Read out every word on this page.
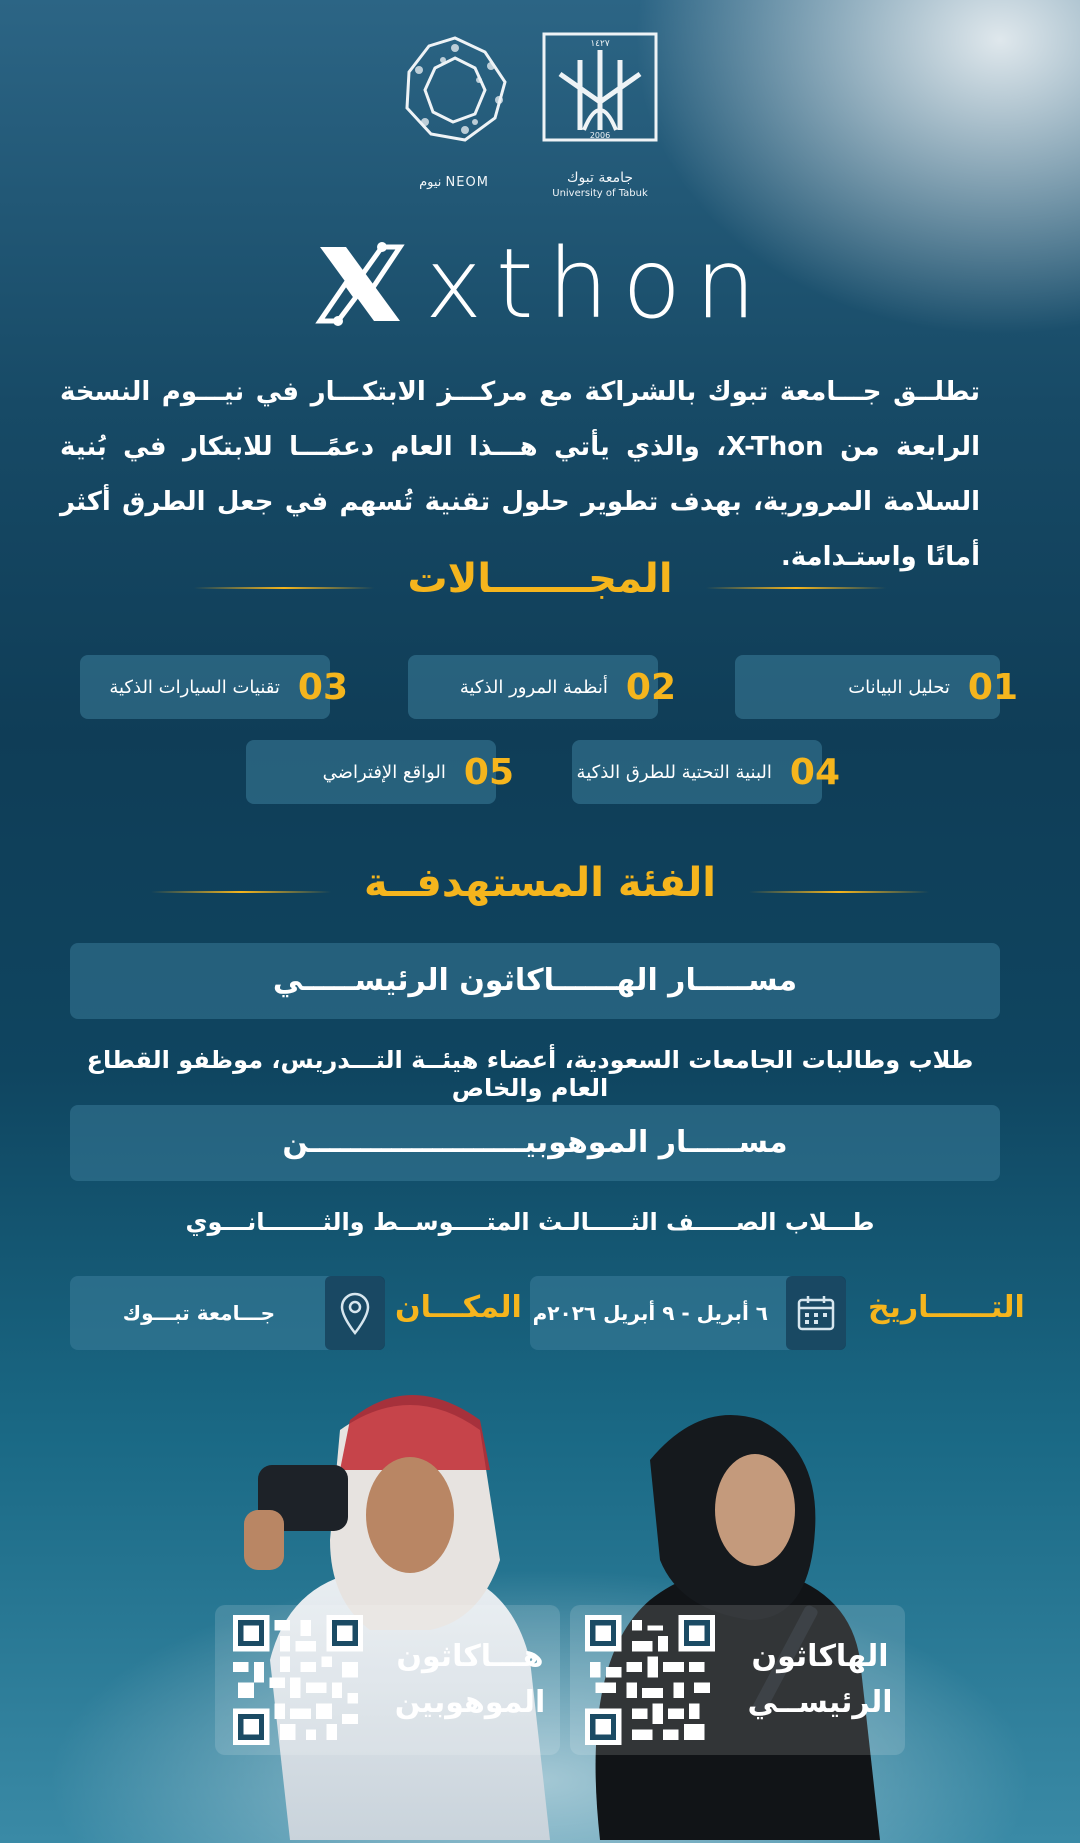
نيوم NEOM
١٤٢٧
2006
جامعة تبوك
University of Tabuk
xthon
تطلــق جـــامعة تبوك بالشراكة مع مركـــز الابتكـــار في نيـــوم النسخة الرابعة من X-Thon، والذي يأتي هـــذا العام دعمًـــا للابتكار في بُنية السلامة المرورية، بهدف تطوير حلول تقنية تُسهم في جعل الطرق أكثر أمانًا واستـدامة.
المجـــــــالات
01
تحليل البيانات
02
أنظمة المرور الذكية
03
تقنيات السيارات الذكية
04
البنية التحتية للطرق الذكية
05
الواقع الإفتراضي
الفئة المستهدفــة
مســـــار الهــــــاكاثون الرئيســـــي
طلاب وطالبات الجامعات السعودية، أعضاء هيئــة التـــدريس، موظفو القطاع العام والخاص
مســـــار الموهوبيـــــــــــــــــــــن
طـــلاب الصـــــف الثـــــالـث المتــــوســط والثـــــــانـــوي
التــــــاريخ
٦ أبريل - ٩ أبريل ٢٠٢٦م
المكـــان
جـــامعة تبـــوك
الهاكاثون
الرئيســي
هـــاكاثون
الموهوبين
